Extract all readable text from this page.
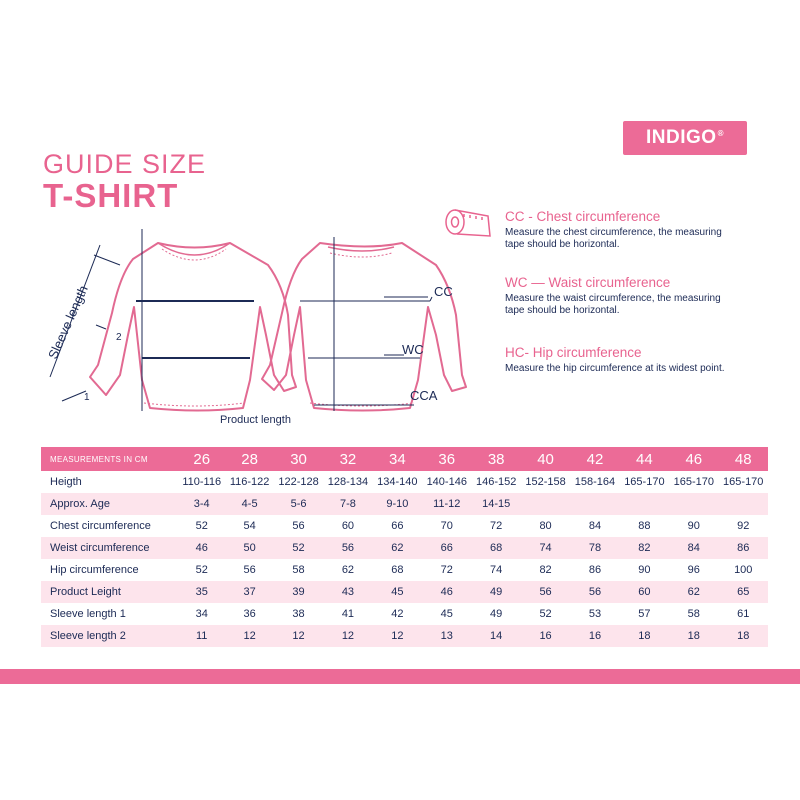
INDIGO®
GUIDE SIZE
T-SHIRT
Sleeve length	2
1
Product length
CC
WC
CCA
CC - Chest circumference
Measure the chest circumference, the measuring tape should be horizontal.
WC — Waist circumference
Measure the waist circumference, the measuring tape should be horizontal.
HC- Hip circumference
Measure the hip circumference at its widest point.
MEASUREMENTS IN CM	26	28	30	32	34	36	38	40	42	44	46	48
Heigth	110-116	116-122	122-128	128-134	134-140	140-146	146-152	152-158	158-164	165-170	165-170	165-170
Approx. Age	3-4	4-5	5-6	7-8	9-10	11-12	14-15					
Chest circumference	52	54	56	60	66	70	72	80	84	88	90	92
Weist circumference	46	50	52	56	62	66	68	74	78	82	84	86
Hip circumference	52	56	58	62	68	72	74	82	86	90	96	100
Product Leight	35	37	39	43	45	46	49	56	56	60	62	65
Sleeve length 1	34	36	38	41	42	45	49	52	53	57	58	61
Sleeve length 2	11	12	12	12	12	13	14	16	16	18	18	18
